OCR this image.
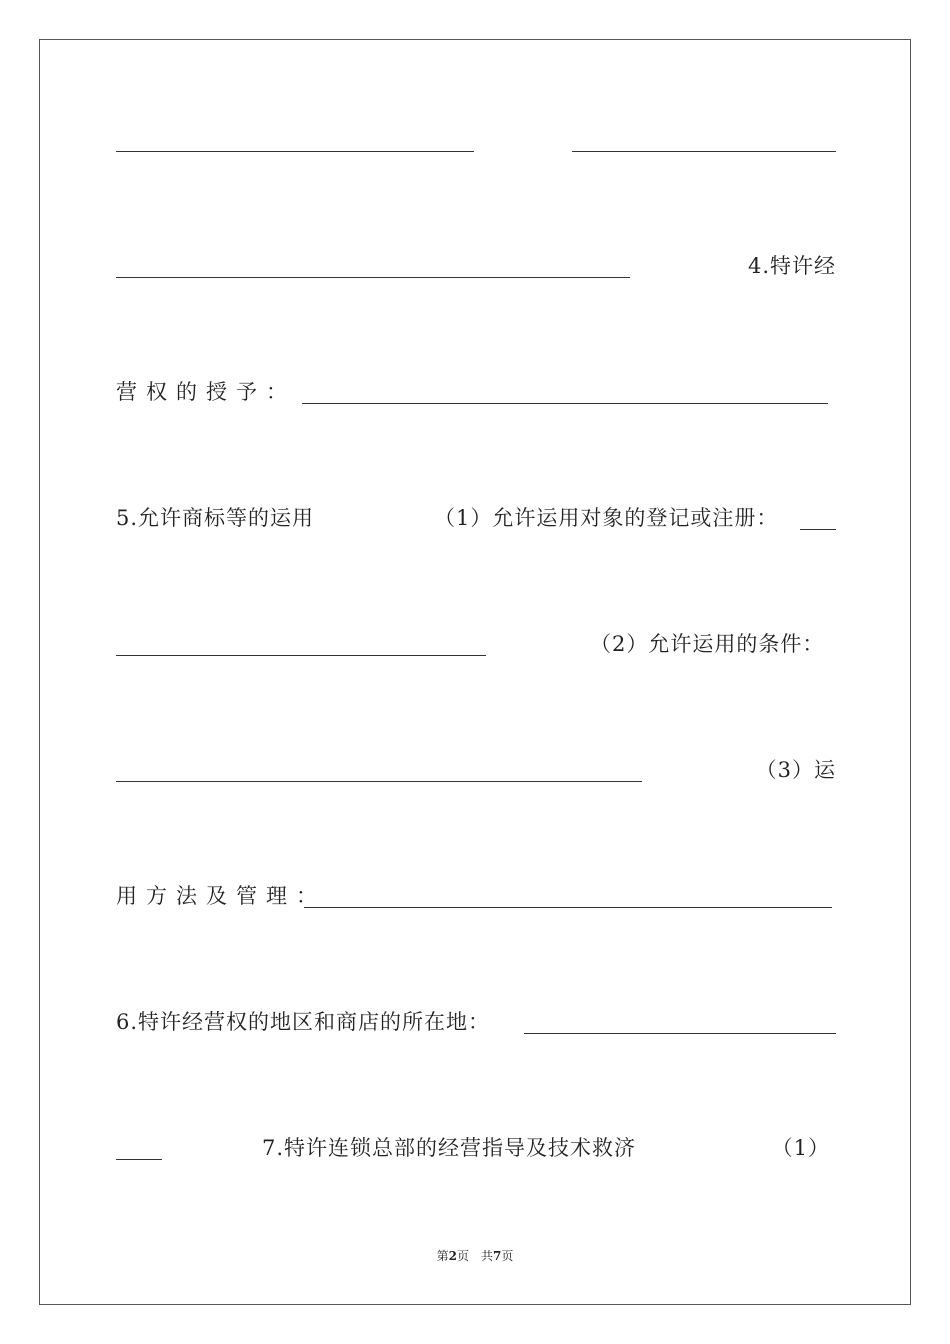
4.特许经
营权的授予：
5.允许商标等的运用	（1）允许运用对象的登记或注册：
（2）允许运用的条件：
（3）运
用方法及管理：
6.特许经营权的地区和商店的所在地：
7.特许连锁总部的经营指导及技术救济	（1）
第2页　共7页
